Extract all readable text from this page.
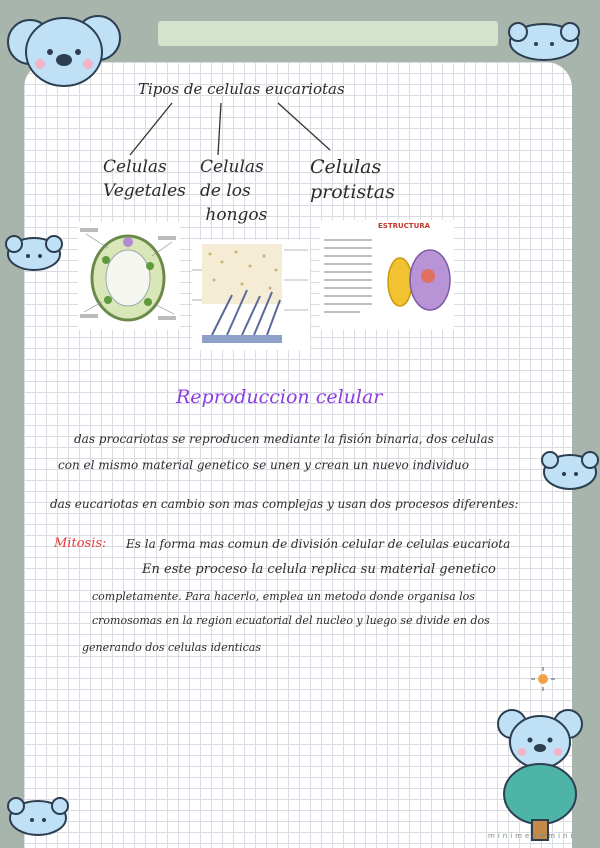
Tipos de celulas eucariotas
Celulas
Vegetales
Celulas
de los
hongos
Celulas
protistas
ESTRUCTURA
Reproduccion celular
das procariotas se reproducen mediante la fisión binaria, dos celulas
con el mismo material genetico se unen y crean un nuevo individuo
das eucariotas en cambio son mas complejas y usan dos procesos diferentes:
Mitosis: Es la forma mas comun de división celular de celulas eucariota
En este proceso la celula replica su material genetico
completamente. Para hacerlo, emplea un metodo donde organisa los
cromosomas en la region ecuatorial del nucleo y luego se divide en dos
generando dos celulas identicas
minimeowmini
